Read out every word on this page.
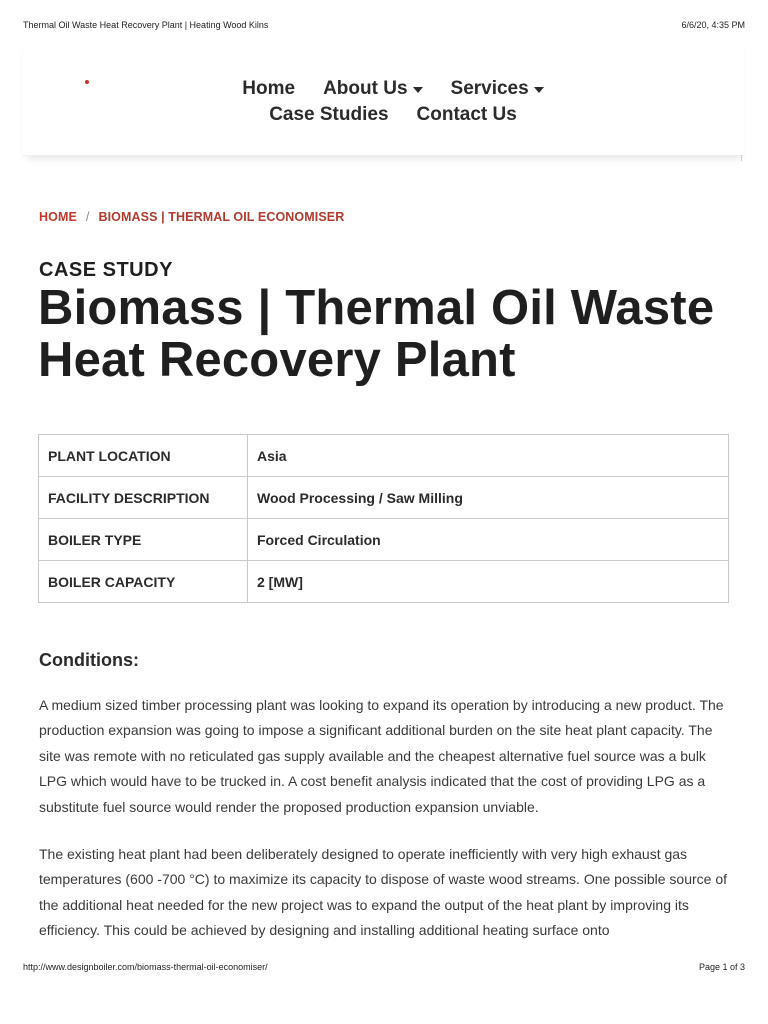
Thermal Oil Waste Heat Recovery Plant | Heating Wood Kilns	6/6/20, 4:35 PM
Home About Us Services
Case Studies Contact Us
HOME / BIOMASS | THERMAL OIL ECONOMISER
CASE STUDY
Biomass | Thermal Oil Waste Heat Recovery Plant
PLANT LOCATION	Asia
FACILITY DESCRIPTION	Wood Processing / Saw Milling
BOILER TYPE	Forced Circulation
BOILER CAPACITY	2 [MW]
Conditions:

A medium sized timber processing plant was looking to expand its operation by introducing a new product. The production expansion was going to impose a significant additional burden on the site heat plant capacity. The site was remote with no reticulated gas supply available and the cheapest alternative fuel source was a bulk LPG which would have to be trucked in. A cost benefit analysis indicated that the cost of providing LPG as a substitute fuel source would render the proposed production expansion unviable.

The existing heat plant had been deliberately designed to operate inefficiently with very high exhaust gas temperatures (600 -700 °C) to maximize its capacity to dispose of waste wood streams. One possible source of the additional heat needed for the new project was to expand the output of the heat plant by improving its efficiency. This could be achieved by designing and installing additional heating surface onto

http://www.designboiler.com/biomass-thermal-oil-economiser/	Page 1 of 3
